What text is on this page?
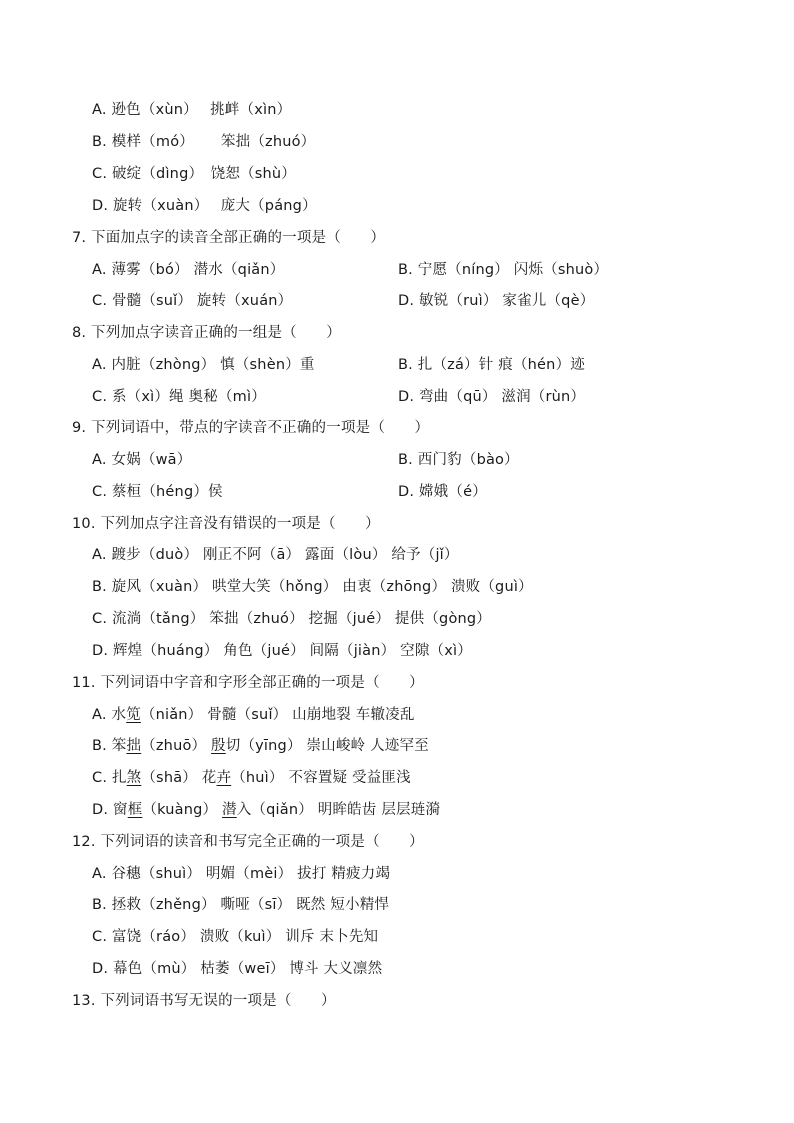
A. 逊色（xùn）　 挑衅（xìn）
B. 模样（mó）　　 笨拙（zhuó）
C. 破绽（dìng）　饶恕（shù）
D. 旋转（xuàn）　 庞大（páng）
7. 下面加点字的读音全部正确的一项是（　　）
A. 薄雾（bó） 潜水（qiǎn）	B. 宁愿（níng） 闪烁（shuò）
C. 骨髓（suǐ） 旋转（xuán）	D. 敏锐（ruì） 家雀儿（qè）
8. 下列加点字读音正确的一组是（　　）
A. 内脏（zhòng） 慎（shèn）重	B. 扎（zá）针 痕（hén）迹
C. 系（xì）绳 奥秘（mì）	D. 弯曲（qū） 滋润（rùn）
9. 下列词语中，带点的字读音不正确的一项是（　　）
A. 女娲（wā）	B. 西门豹（bào）
C. 蔡桓（héng）侯	D. 嫦娥（é）
10. 下列加点字注音没有错误的一项是（　　）
A. 踱步（duò） 刚正不阿（ā） 露面（lòu） 给予（jǐ）
B. 旋风（xuàn） 哄堂大笑（hǒng） 由衷（zhōng） 溃败（guì）
C. 流淌（tǎng） 笨拙（zhuó） 挖掘（jué） 提供（gòng）
D. 辉煌（huáng） 角色（jué） 间隔（jiàn） 空隙（xì）
11. 下列词语中字音和字形全部正确的一项是（　　）
A. 水笕（niǎn） 骨髓（suǐ） 山崩地裂 车辙凌乱
B. 笨拙（zhuō） 殷切（yīng） 崇山峻岭 人迹罕至
C. 扎煞（shā） 花卉（huì） 不容置疑 受益匪浅
D. 窗框（kuàng） 潜入（qiǎn） 明眸皓齿 层层琏漪
12. 下列词语的读音和书写完全正确的一项是（　　）
A. 谷穗（shuì） 明媚（mèi） 拔打 精疲力竭
B. 拯救（zhěng） 嘶哑（sī） 既然 短小精悍
C. 富饶（ráo） 溃败（kuì） 训斥 末卜先知
D. 幕色（mù） 枯萎（weī） 博斗 大义凛然
13. 下列词语书写无误的一项是（　　）
